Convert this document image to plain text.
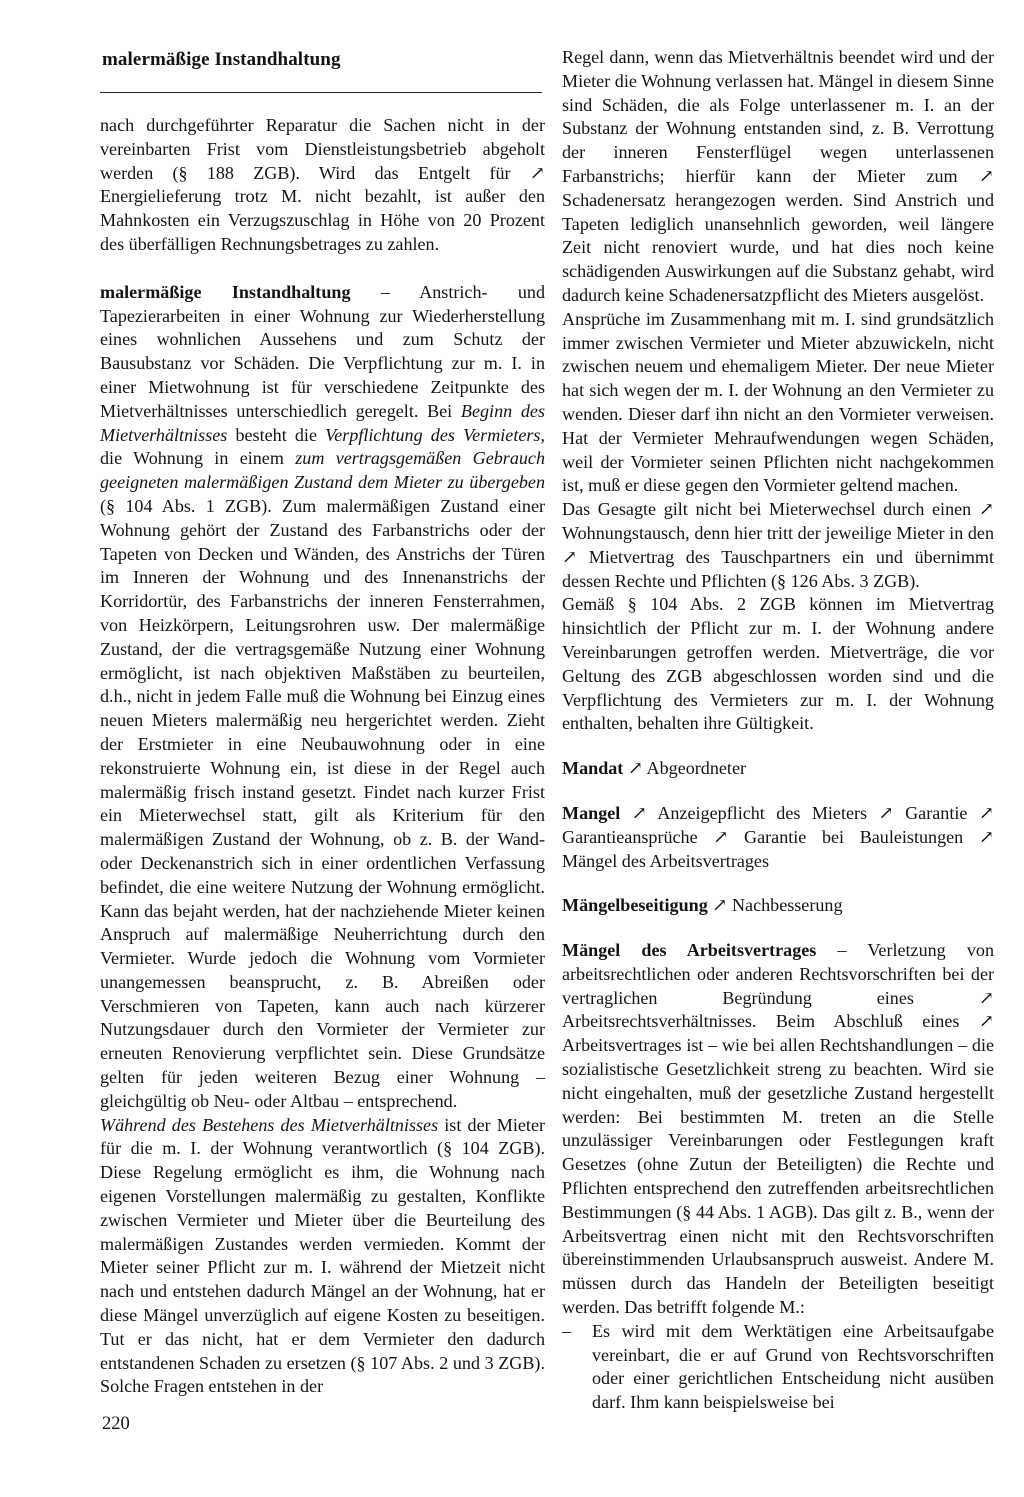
malermäßige Instandhaltung

nach durchgeführter Reparatur die Sachen nicht in der vereinbarten Frist vom Dienstleistungsbetrieb abgeholt werden (§ 188 ZGB). Wird das Entgelt für ↗ Energielieferung trotz M. nicht bezahlt, ist außer den Mahnkosten ein Verzugszuschlag in Höhe von 20 Prozent des überfälligen Rechnungsbetrages zu zahlen.

malermäßige Instandhaltung – Anstrich- und Tapezierarbeiten in einer Wohnung zur Wiederherstellung eines wohnlichen Aussehens und zum Schutz der Bausubstanz vor Schäden. Die Verpflichtung zur m. I. in einer Mietwohnung ist für verschiedene Zeitpunkte des Mietverhältnisses unterschiedlich geregelt. Bei Beginn des Mietverhältnisses besteht die Verpflichtung des Vermieters, die Wohnung in einem zum vertragsgemäßen Gebrauch geeigneten malermäßigen Zustand dem Mieter zu übergeben (§ 104 Abs. 1 ZGB). Zum malermäßigen Zustand einer Wohnung gehört der Zustand des Farbanstrichs oder der Tapeten von Decken und Wänden, des Anstrichs der Türen im Inneren der Wohnung und des Innenanstrichs der Korridortür, des Farbanstrichs der inneren Fensterrahmen, von Heizkörpern, Leitungsrohren usw. Der malermäßige Zustand, der die vertragsgemäße Nutzung einer Wohnung ermöglicht, ist nach objektiven Maßstäben zu beurteilen, d.h., nicht in jedem Falle muß die Wohnung bei Einzug eines neuen Mieters malermäßig neu hergerichtet werden. Zieht der Erstmieter in eine Neubauwohnung oder in eine rekonstruierte Wohnung ein, ist diese in der Regel auch malermäßig frisch instand gesetzt. Findet nach kurzer Frist ein Mieterwechsel statt, gilt als Kriterium für den malermäßigen Zustand der Wohnung, ob z. B. der Wand- oder Deckenanstrich sich in einer ordentlichen Verfassung befindet, die eine weitere Nutzung der Wohnung ermöglicht. Kann das bejaht werden, hat der nachziehende Mieter keinen Anspruch auf malermäßige Neuherrichtung durch den Vermieter. Wurde jedoch die Wohnung vom Vormieter unangemessen beansprucht, z. B. Abreißen oder Verschmieren von Tapeten, kann auch nach kürzerer Nutzungsdauer durch den Vormieter der Vermieter zur erneuten Renovierung verpflichtet sein. Diese Grundsätze gelten für jeden weiteren Bezug einer Wohnung – gleichgültig ob Neu- oder Altbau – entsprechend.

Während des Bestehens des Mietverhältnisses ist der Mieter für die m. I. der Wohnung verantwortlich (§ 104 ZGB). Diese Regelung ermöglicht es ihm, die Wohnung nach eigenen Vorstellungen malermäßig zu gestalten, Konflikte zwischen Vermieter und Mieter über die Beurteilung des malermäßigen Zustandes werden vermieden. Kommt der Mieter seiner Pflicht zur m. I. während der Mietzeit nicht nach und entstehen dadurch Mängel an der Wohnung, hat er diese Mängel unverzüglich auf eigene Kosten zu beseitigen. Tut er das nicht, hat er dem Vermieter den dadurch entstandenen Schaden zu ersetzen (§ 107 Abs. 2 und 3 ZGB). Solche Fragen entstehen in der

Regel dann, wenn das Mietverhältnis beendet wird und der Mieter die Wohnung verlassen hat. Mängel in diesem Sinne sind Schäden, die als Folge unterlassener m. I. an der Substanz der Wohnung entstanden sind, z. B. Verrottung der inneren Fensterflügel wegen unterlassenen Farbanstrichs; hierfür kann der Mieter zum ↗ Schadenersatz herangezogen werden. Sind Anstrich und Tapeten lediglich unansehnlich geworden, weil längere Zeit nicht renoviert wurde, und hat dies noch keine schädigenden Auswirkungen auf die Substanz gehabt, wird dadurch keine Schadenersatzpflicht des Mieters ausgelöst.

Ansprüche im Zusammenhang mit m. I. sind grundsätzlich immer zwischen Vermieter und Mieter abzuwickeln, nicht zwischen neuem und ehemaligem Mieter. Der neue Mieter hat sich wegen der m. I. der Wohnung an den Vermieter zu wenden. Dieser darf ihn nicht an den Vormieter verweisen. Hat der Vermieter Mehraufwendungen wegen Schäden, weil der Vormieter seinen Pflichten nicht nachgekommen ist, muß er diese gegen den Vormieter geltend machen.

Das Gesagte gilt nicht bei Mieterwechsel durch einen ↗ Wohnungstausch, denn hier tritt der jeweilige Mieter in den ↗ Mietvertrag des Tauschpartners ein und übernimmt dessen Rechte und Pflichten (§ 126 Abs. 3 ZGB).

Gemäß § 104 Abs. 2 ZGB können im Mietvertrag hinsichtlich der Pflicht zur m. I. der Wohnung andere Vereinbarungen getroffen werden. Mietverträge, die vor Geltung des ZGB abgeschlossen worden sind und die Verpflichtung des Vermieters zur m. I. der Wohnung enthalten, behalten ihre Gültigkeit.

Mandat ↗ Abgeordneter

Mangel ↗ Anzeigepflicht des Mieters ↗ Garantie ↗ Garantieansprüche ↗ Garantie bei Bauleistungen ↗ Mängel des Arbeitsvertrages

Mängelbeseitigung ↗ Nachbesserung

Mängel des Arbeitsvertrages – Verletzung von arbeitsrechtlichen oder anderen Rechtsvorschriften bei der vertraglichen Begründung eines ↗ Arbeitsrechtsverhältnisses. Beim Abschluß eines ↗ Arbeitsvertrages ist – wie bei allen Rechtshandlungen – die sozialistische Gesetzlichkeit streng zu beachten. Wird sie nicht eingehalten, muß der gesetzliche Zustand hergestellt werden: Bei bestimmten M. treten an die Stelle unzulässiger Vereinbarungen oder Festlegungen kraft Gesetzes (ohne Zutun der Beteiligten) die Rechte und Pflichten entsprechend den zutreffenden arbeitsrechtlichen Bestimmungen (§ 44 Abs. 1 AGB). Das gilt z. B., wenn der Arbeitsvertrag einen nicht mit den Rechtsvorschriften übereinstimmenden Urlaubsanspruch ausweist. Andere M. müssen durch das Handeln der Beteiligten beseitigt werden. Das betrifft folgende M.:

–	Es wird mit dem Werktätigen eine Arbeitsaufgabe vereinbart, die er auf Grund von Rechtsvorschriften oder einer gerichtlichen Entscheidung nicht ausüben darf. Ihm kann beispielsweise bei
220
